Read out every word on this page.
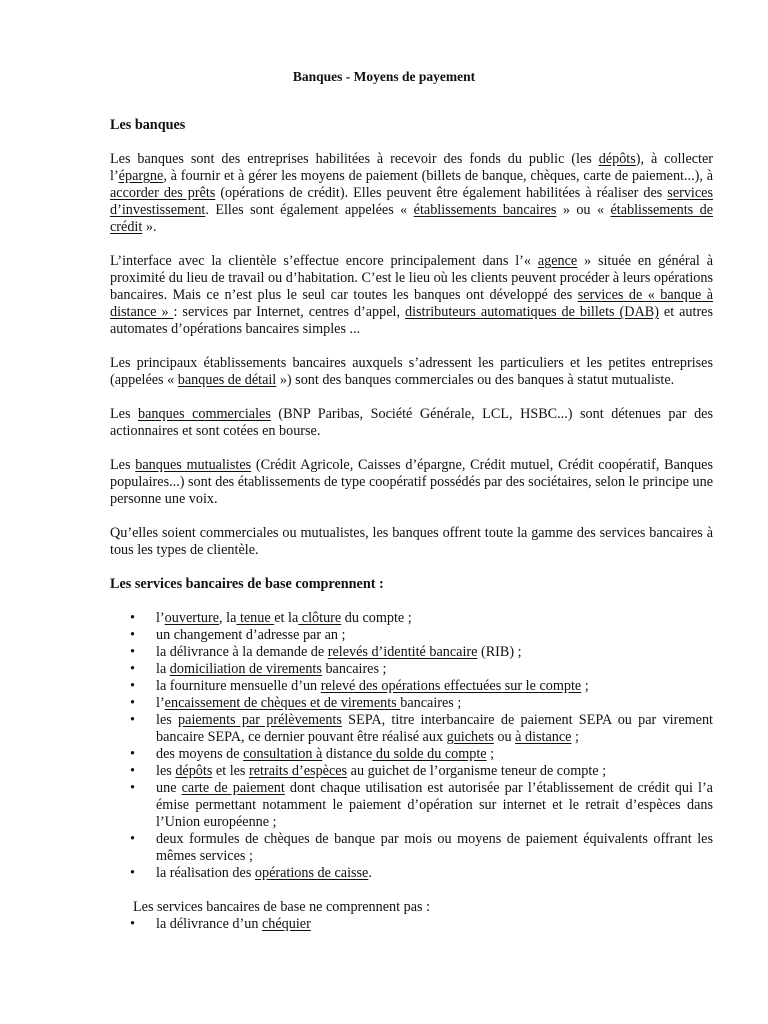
Banques - Moyens de payement
Les banques

Les banques sont des entreprises habilitées à recevoir des fonds du public (les dépôts), à collecter l’épargne, à fournir et à gérer les moyens de paiement (billets de banque, chèques, carte de paiement...), à accorder des prêts (opérations de crédit). Elles peuvent être également habilitées à réaliser des services d’investissement. Elles sont également appelées « établissements bancaires » ou « établissements de crédit ».

L’interface avec la clientèle s’effectue encore principalement dans l’« agence » située en général à proximité du lieu de travail ou d’habitation. C’est le lieu où les clients peuvent procéder à leurs opérations bancaires. Mais ce n’est plus le seul car toutes les banques ont développé des services de « banque à distance » : services par Internet, centres d’appel, distributeurs automatiques de billets (DAB) et autres automates d’opérations bancaires simples ...

Les principaux établissements bancaires auxquels s’adressent les particuliers et les petites entreprises (appelées « banques de détail ») sont des banques commerciales ou des banques à statut mutualiste.

Les banques commerciales (BNP Paribas, Société Générale, LCL, HSBC...) sont détenues par des actionnaires et sont cotées en bourse.

Les banques mutualistes (Crédit Agricole, Caisses d’épargne, Crédit mutuel, Crédit coopératif, Banques populaires...) sont des établissements de type coopératif possédés par des sociétaires, selon le principe une personne une voix.

Qu’elles soient commerciales ou mutualistes, les banques offrent toute la gamme des services bancaires à tous les types de clientèle.

Les services bancaires de base comprennent :
• l’ouverture, la tenue et la clôture du compte ;
• un changement d’adresse par an ;
• la délivrance à la demande de relevés d’identité bancaire (RIB) ;
• la domiciliation de virements bancaires ;
• la fourniture mensuelle d’un relevé des opérations effectuées sur le compte ;
• l’encaissement de chèques et de virements bancaires ;
• les paiements par prélèvements SEPA, titre interbancaire de paiement SEPA ou par virement bancaire SEPA, ce dernier pouvant être réalisé aux guichets ou à distance ;
• des moyens de consultation à distance du solde du compte ;
• les dépôts et les retraits d’espèces au guichet de l’organisme teneur de compte ;
• une carte de paiement dont chaque utilisation est autorisée par l’établissement de crédit qui l’a émise permettant notamment le paiement d’opération sur internet et le retrait d’espèces dans l’Union européenne ;
• deux formules de chèques de banque par mois ou moyens de paiement équivalents offrant les mêmes services ;
• la réalisation des opérations de caisse.

Les services bancaires de base ne comprennent pas :

• la délivrance d’un chéquier
